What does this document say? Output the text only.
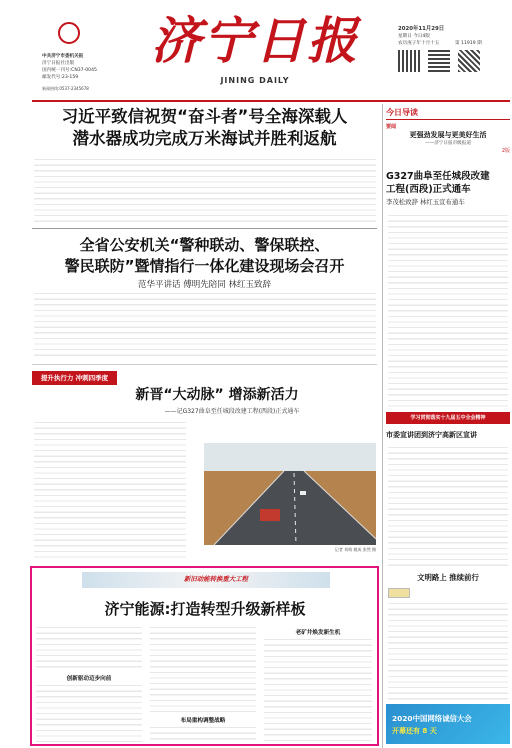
中共济宁市委机关报
济宁日报社出版
国内统一刊号:CN37-0045
邮发代号:23-159
济宁日报
JINING DAILY
2020年11月29日
星期日 今日4版
农历庚子年十月十五	第 11919 期
新闻热线:0537-2345678
习近平致信祝贺“奋斗者”号全海深载人
潜水器成功完成万米海试并胜利返航
全省公安机关“警种联动、警保联控、
警民联防”暨情指行一体化建设现场会召开
范华平讲话 傅明先陪同 林红玉致辞
提升执行力 冲刺四季度
新晋“大动脉” 增添新活力
——记G327曲阜至任城段改建工程(西段)正式通车
记者 刘萌 姚成 张然 摄
新旧动能转换重大工程
济宁能源:打造转型升级新样板
创新驱动迈步向前
布局重构调整战略
老矿井焕发新生机
今日导读
要闻
更强劲发展与更美好生活
——济宁日报市级报道
2版
G327曲阜至任城段改建
工程(西段)正式通车
李茂松致辞 林红玉宣布通车
学习贯彻落实十九届五中全会精神
市委宣讲团到济宁高新区宣讲
文明路上 推续前行
2020中国网络诚信大会
开幕还有 8 天
